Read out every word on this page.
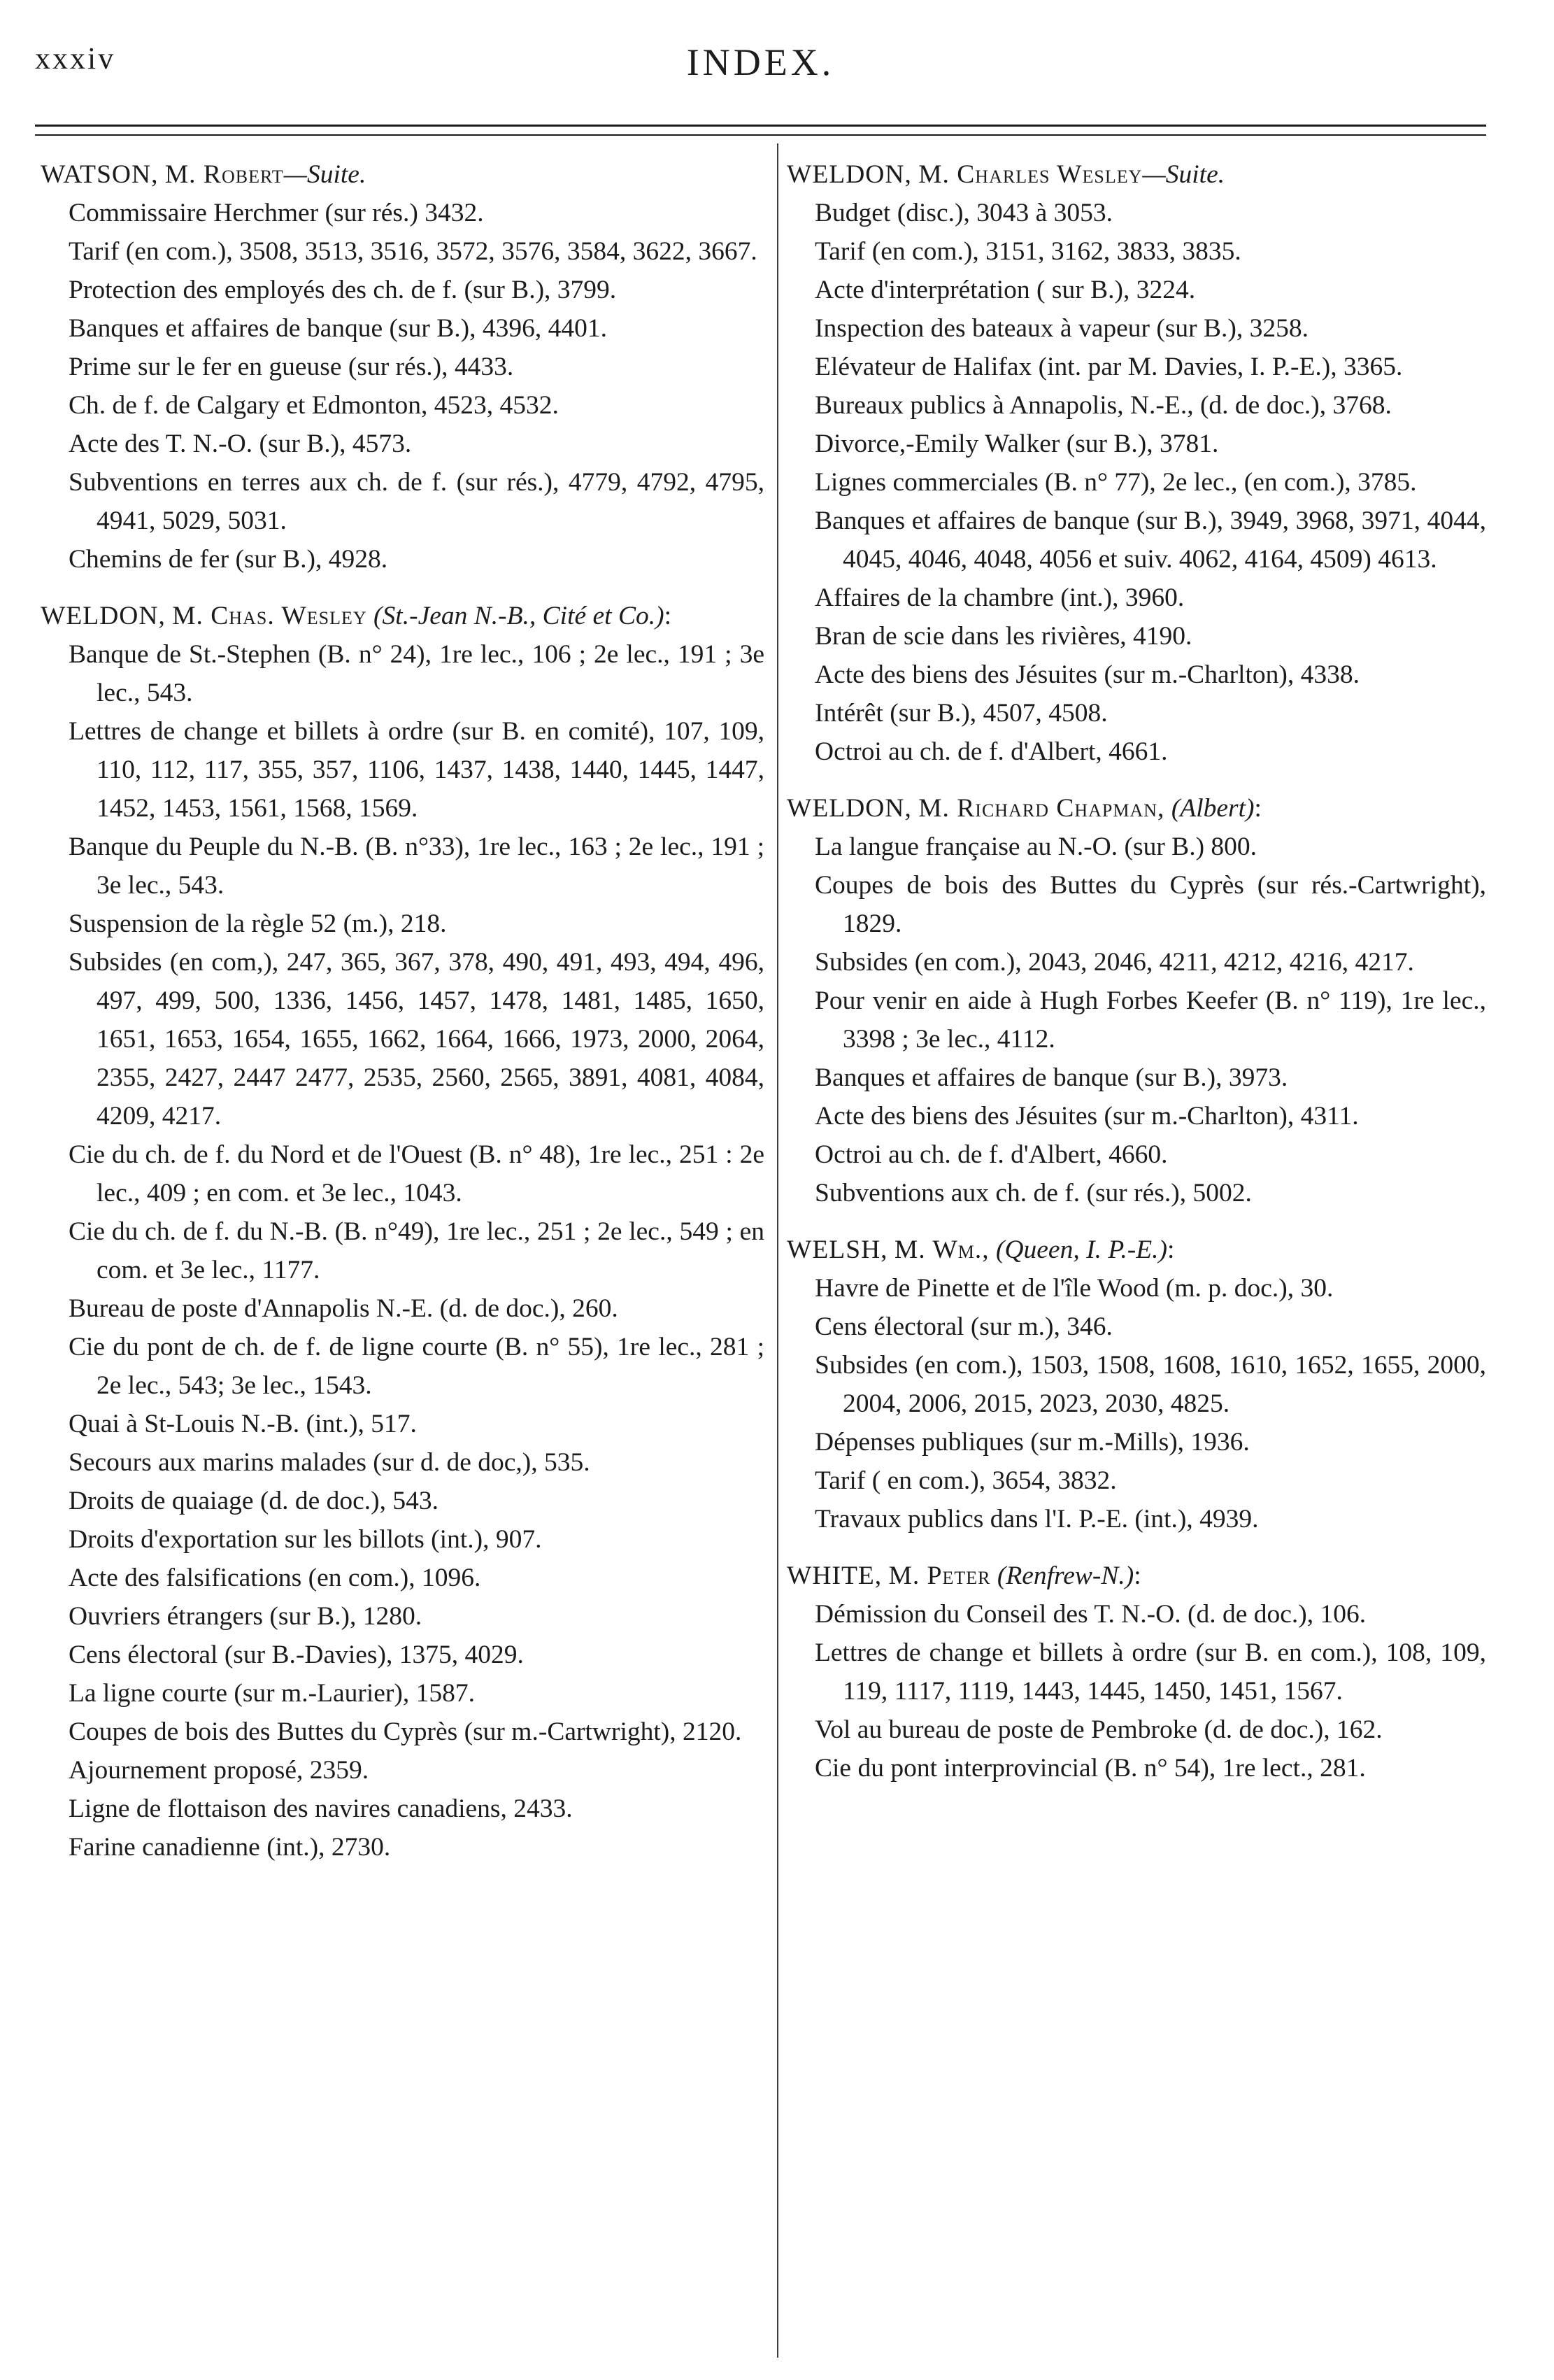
xxxiv	INDEX.
WATSON, M. Robert—Suite.
Commissaire Herchmer (sur rés.) 3432.
Tarif (en com.), 3508, 3513, 3516, 3572, 3576, 3584, 3622, 3667.
Protection des employés des ch. de f. (sur B.), 3799.
Banques et affaires de banque (sur B.), 4396, 4401.
Prime sur le fer en gueuse (sur rés.), 4433.
Ch. de f. de Calgary et Edmonton, 4523, 4532.
Acte des T. N.-O. (sur B.), 4573.
Subventions en terres aux ch. de f. (sur rés.), 4779, 4792, 4795, 4941, 5029, 5031.
Chemins de fer (sur B.), 4928.
WELDON, M. Chas. Wesley (St.-Jean N.-B., Cité et Co.):
Banque de St.-Stephen (B. n° 24), 1re lec., 106 ; 2e lec., 191 ; 3e lec., 543.
Lettres de change et billets à ordre (sur B. en comité), 107, 109, 110, 112, 117, 355, 357, 1106, 1437, 1438, 1440, 1445, 1447, 1452, 1453, 1561, 1568, 1569.
Banque du Peuple du N.-B. (B. n°33), 1re lec., 163 ; 2e lec., 191 ; 3e lec., 543.
Suspension de la règle 52 (m.), 218.
Subsides (en com,), 247, 365, 367, 378, 490, 491, 493, 494, 496, 497, 499, 500, 1336, 1456, 1457, 1478, 1481, 1485, 1650, 1651, 1653, 1654, 1655, 1662, 1664, 1666, 1973, 2000, 2064, 2355, 2427, 2447 2477, 2535, 2560, 2565, 3891, 4081, 4084, 4209, 4217.
Cie du ch. de f. du Nord et de l'Ouest (B. n° 48), 1re lec., 251 : 2e lec., 409 ; en com. et 3e lec., 1043.
Cie du ch. de f. du N.-B. (B. n°49), 1re lec., 251 ; 2e lec., 549 ; en com. et 3e lec., 1177.
Bureau de poste d'Annapolis N.-E. (d. de doc.), 260.
Cie du pont de ch. de f. de ligne courte (B. n° 55), 1re lec., 281 ; 2e lec., 543; 3e lec., 1543.
Quai à St-Louis N.-B. (int.), 517.
Secours aux marins malades (sur d. de doc,), 535.
Droits de quaiage (d. de doc.), 543.
Droits d'exportation sur les billots (int.), 907.
Acte des falsifications (en com.), 1096.
Ouvriers étrangers (sur B.), 1280.
Cens électoral (sur B.-Davies), 1375, 4029.
La ligne courte (sur m.-Laurier), 1587.
Coupes de bois des Buttes du Cyprès (sur m.-Cartwright), 2120.
Ajournement proposé, 2359.
Ligne de flottaison des navires canadiens, 2433.
Farine canadienne (int.), 2730.
WELDON, M. Charles Wesley—Suite.
Budget (disc.), 3043 à 3053.
Tarif (en com.), 3151, 3162, 3833, 3835.
Acte d'interprétation ( sur B.), 3224.
Inspection des bateaux à vapeur (sur B.), 3258.
Elévateur de Halifax (int. par M. Davies, I. P.-E.), 3365.
Bureaux publics à Annapolis, N.-E., (d. de doc.), 3768.
Divorce,-Emily Walker (sur B.), 3781.
Lignes commerciales (B. n° 77), 2e lec., (en com.), 3785.
Banques et affaires de banque (sur B.), 3949, 3968, 3971, 4044, 4045, 4046, 4048, 4056 et suiv. 4062, 4164, 4509) 4613.
Affaires de la chambre (int.), 3960.
Bran de scie dans les rivières, 4190.
Acte des biens des Jésuites (sur m.-Charlton), 4338.
Intérêt (sur B.), 4507, 4508.
Octroi au ch. de f. d'Albert, 4661.
WELDON, M. Richard Chapman, (Albert):
La langue française au N.-O. (sur B.) 800.
Coupes de bois des Buttes du Cyprès (sur rés.-Cartwright), 1829.
Subsides (en com.), 2043, 2046, 4211, 4212, 4216, 4217.
Pour venir en aide à Hugh Forbes Keefer (B. n° 119), 1re lec., 3398 ; 3e lec., 4112.
Banques et affaires de banque (sur B.), 3973.
Acte des biens des Jésuites (sur m.-Charlton), 4311.
Octroi au ch. de f. d'Albert, 4660.
Subventions aux ch. de f. (sur rés.), 5002.
WELSH, M. Wm., (Queen, I. P.-E.):
Havre de Pinette et de l'île Wood (m. p. doc.), 30.
Cens électoral (sur m.), 346.
Subsides (en com.), 1503, 1508, 1608, 1610, 1652, 1655, 2000, 2004, 2006, 2015, 2023, 2030, 4825.
Dépenses publiques (sur m.-Mills), 1936.
Tarif ( en com.), 3654, 3832.
Travaux publics dans l'I. P.-E. (int.), 4939.
WHITE, M. Peter (Renfrew-N.):
Démission du Conseil des T. N.-O. (d. de doc.), 106.
Lettres de change et billets à ordre (sur B. en com.), 108, 109, 119, 1117, 1119, 1443, 1445, 1450, 1451, 1567.
Vol au bureau de poste de Pembroke (d. de doc.), 162.
Cie du pont interprovincial (B. n° 54), 1re lect., 281.
